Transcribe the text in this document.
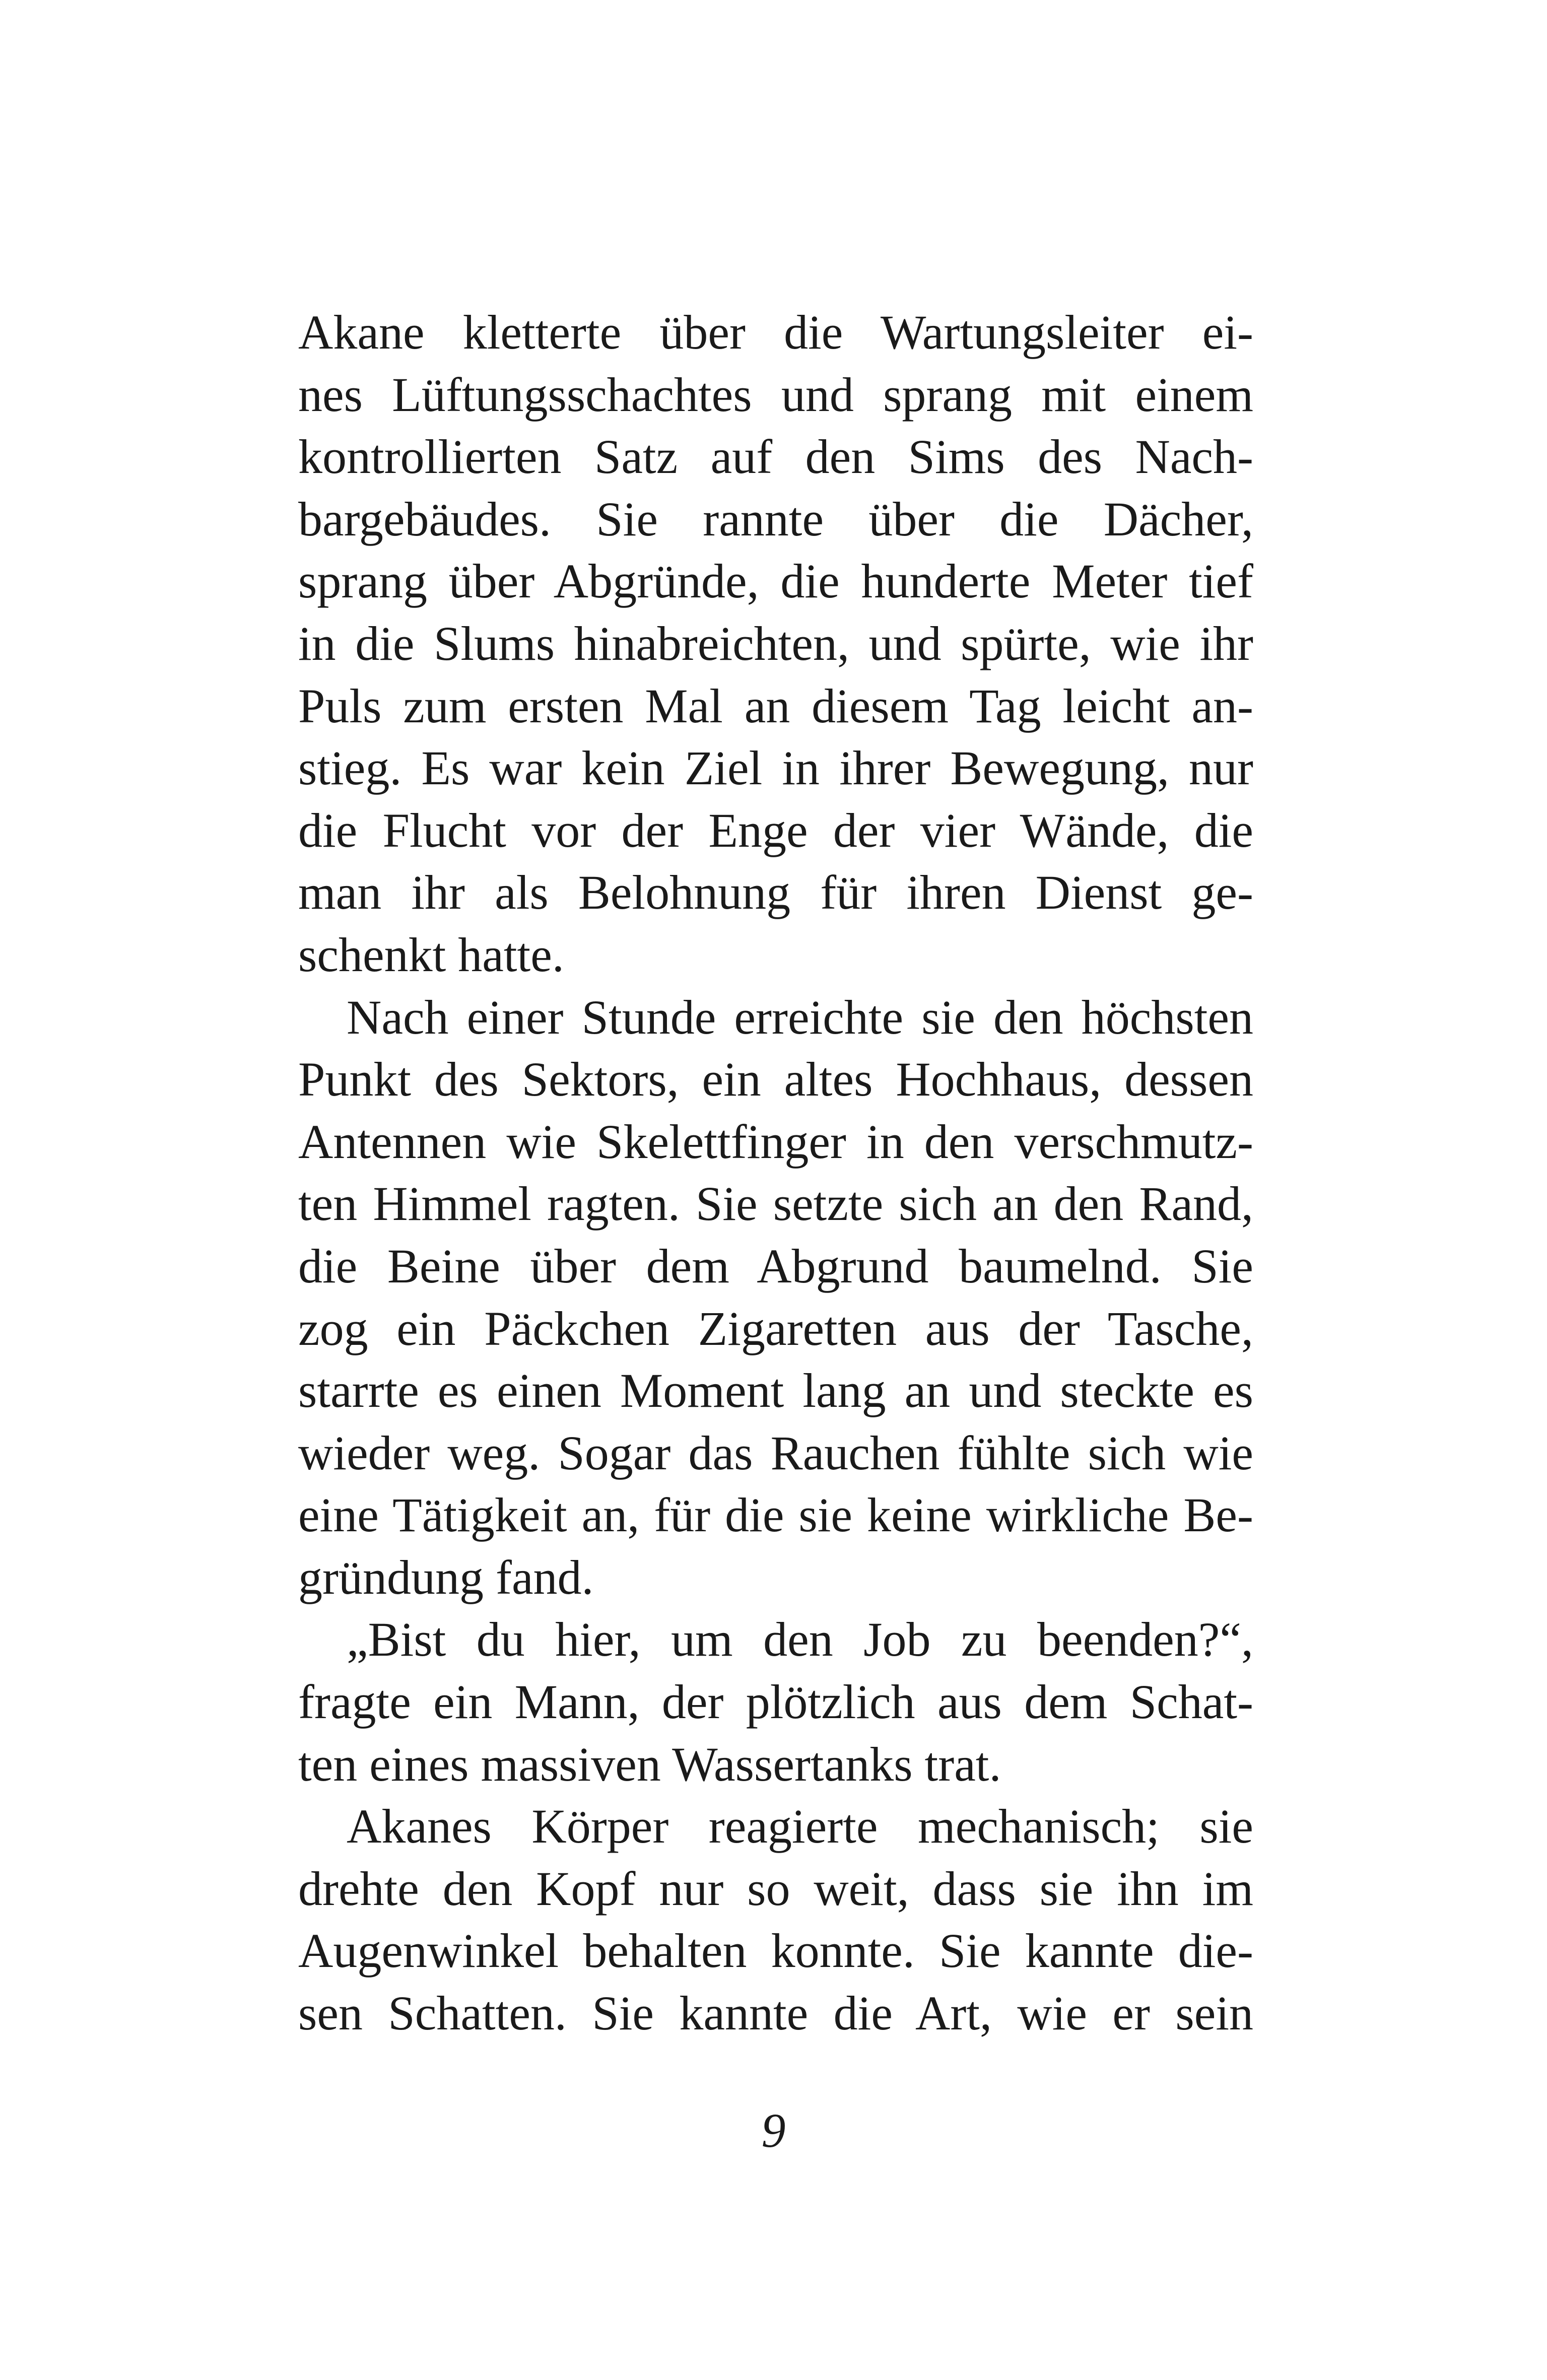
Akane kletterte über die Wartungsleiter ei-
nes Lüftungsschachtes und sprang mit einem
kontrollierten Satz auf den Sims des Nach-
bargebäudes. Sie rannte über die Dächer,
sprang über Abgründe, die hunderte Meter tief
in die Slums hinabreichten, und spürte, wie ihr
Puls zum ersten Mal an diesem Tag leicht an-
stieg. Es war kein Ziel in ihrer Bewegung, nur
die Flucht vor der Enge der vier Wände, die
man ihr als Belohnung für ihren Dienst ge-
schenkt hatte.
Nach einer Stunde erreichte sie den höchsten
Punkt des Sektors, ein altes Hochhaus, dessen
Antennen wie Skelettfinger in den verschmutz-
ten Himmel ragten. Sie setzte sich an den Rand,
die Beine über dem Abgrund baumelnd. Sie
zog ein Päckchen Zigaretten aus der Tasche,
starrte es einen Moment lang an und steckte es
wieder weg. Sogar das Rauchen fühlte sich wie
eine Tätigkeit an, für die sie keine wirkliche Be-
gründung fand.
„Bist du hier, um den Job zu beenden?“,
fragte ein Mann, der plötzlich aus dem Schat-
ten eines massiven Wassertanks trat.
Akanes Körper reagierte mechanisch; sie
drehte den Kopf nur so weit, dass sie ihn im
Augenwinkel behalten konnte. Sie kannte die-
sen Schatten. Sie kannte die Art, wie er sein
9
